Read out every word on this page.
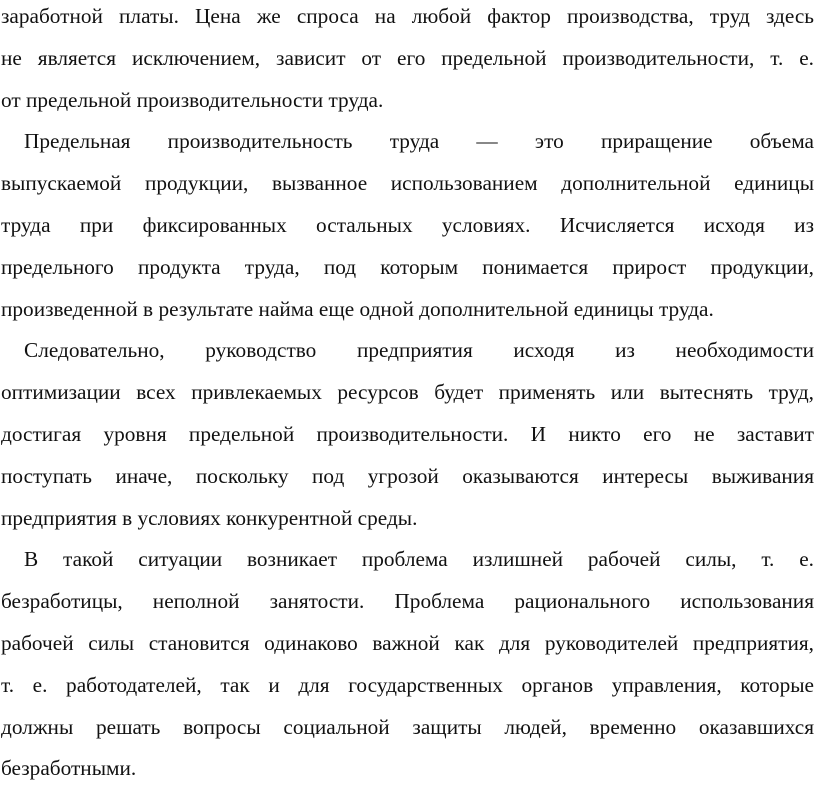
заработной платы. Цена же спроса на любой фактор производства, труд здесь
не является исключением, зависит от его предельной производительности, т. е.
от предельной производительности труда.
Предельная производительность труда — это приращение объема
выпускаемой продукции, вызванное использованием дополнительной единицы
труда при фиксированных остальных условиях. Исчисляется исходя из
предельного продукта труда, под которым понимается прирост продукции,
произведенной в результате найма еще одной дополнительной единицы труда.
Следовательно, руководство предприятия исходя из необходимости
оптимизации всех привлекаемых ресурсов будет применять или вытеснять труд,
достигая уровня предельной производительности. И никто его не заставит
поступать иначе, поскольку под угрозой оказываются интересы выживания
предприятия в условиях конкурентной среды.
В такой ситуации возникает проблема излишней рабочей силы, т. е.
безработицы, неполной занятости. Проблема рационального использования
рабочей силы становится одинаково важной как для руководителей предприятия,
т. е. работодателей, так и для государственных органов управления, которые
должны решать вопросы социальной защиты людей, временно оказавшихся
безработными.
